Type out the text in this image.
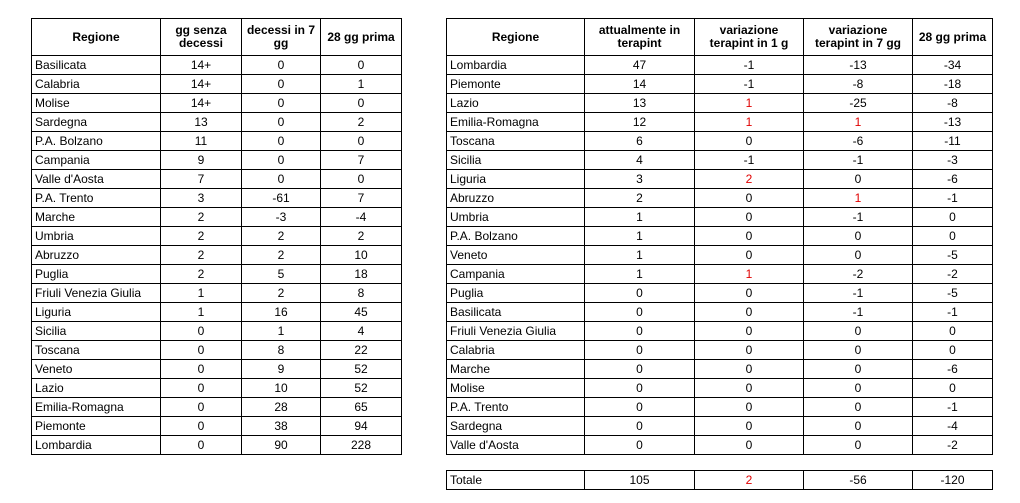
Regione	gg senza decessi	decessi in 7 gg	28 gg prima
Basilicata	14+	0	0
Calabria	14+	0	1
Molise	14+	0	0
Sardegna	13	0	2
P.A. Bolzano	11	0	0
Campania	9	0	7
Valle d'Aosta	7	0	0
P.A. Trento	3	-61	7
Marche	2	-3	-4
Umbria	2	2	2
Abruzzo	2	2	10
Puglia	2	5	18
Friuli Venezia Giulia	1	2	8
Liguria	1	16	45
Sicilia	0	1	4
Toscana	0	8	22
Veneto	0	9	52
Lazio	0	10	52
Emilia-Romagna	0	28	65
Piemonte	0	38	94
Lombardia	0	90	228
Regione	attualmente in terapint	variazione terapint in 1 g	variazione terapint in 7 gg	28 gg prima
Lombardia	47	-1	-13	-34
Piemonte	14	-1	-8	-18
Lazio	13	1	-25	-8
Emilia-Romagna	12	1	1	-13
Toscana	6	0	-6	-11
Sicilia	4	-1	-1	-3
Liguria	3	2	0	-6
Abruzzo	2	0	1	-1
Umbria	1	0	-1	0
P.A. Bolzano	1	0	0	0
Veneto	1	0	0	-5
Campania	1	1	-2	-2
Puglia	0	0	-1	-5
Basilicata	0	0	-1	-1
Friuli Venezia Giulia	0	0	0	0
Calabria	0	0	0	0
Marche	0	0	0	-6
Molise	0	0	0	0
P.A. Trento	0	0	0	-1
Sardegna	0	0	0	-4
Valle d'Aosta	0	0	0	-2
Totale	105	2	-56	-120
